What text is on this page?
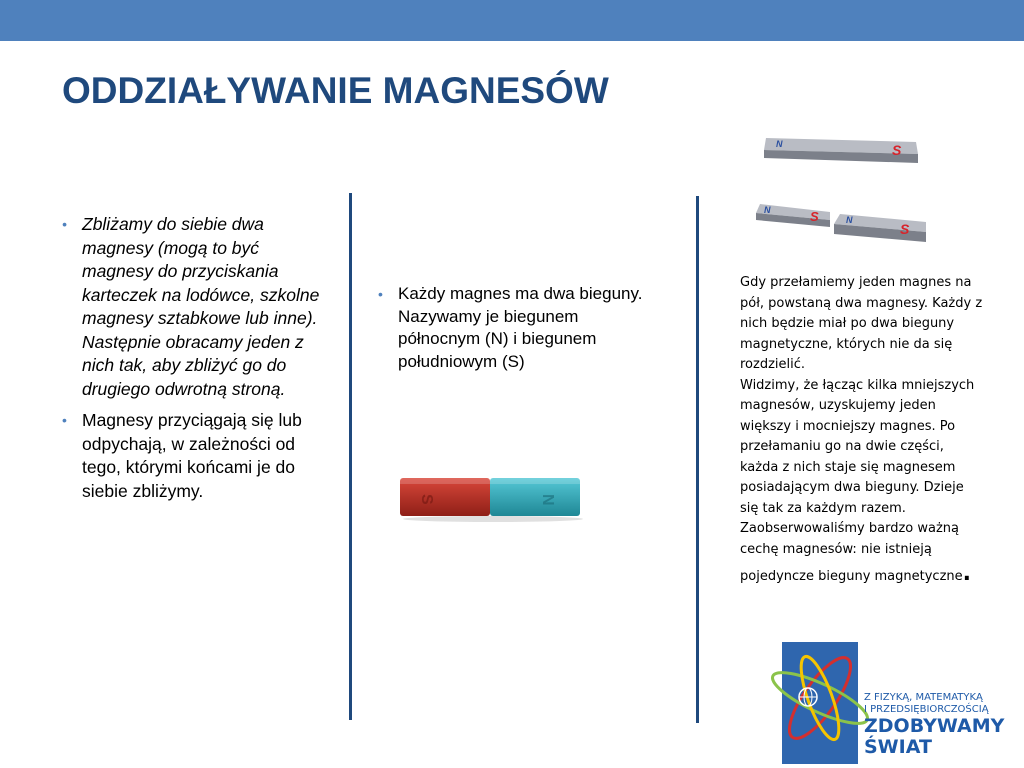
ODDZIAŁYWANIE MAGNESÓW
• Zbliżamy do siebie dwa magnesy (mogą to być magnesy do przyciskania karteczek na lodówce, szkolne magnesy sztabkowe lub inne). Następnie obracamy jeden z nich tak, aby zbliżyć go do drugiego odwrotną stroną.
• Magnesy przyciągają się lub odpychają, w zależności od tego, którymi końcami je do siebie zbliżymy.
• Każdy magnes ma dwa bieguny. Nazywamy je biegunem północnym (N) i biegunem południowym (S)
S	N
N	S
N	S	N
S

Gdy przełamiemy jeden magnes na pół, powstaną dwa magnesy. Każdy z nich będzie miał po dwa bieguny magnetyczne, których nie da się rozdzielić.

Widzimy, że łącząc kilka mniejszych magnesów, uzyskujemy jeden większy i mocniejszy magnes. Po przełamaniu go na dwie części, każda z nich staje się magnesem posiadającym dwa bieguny. Dzieje się tak za każdym razem. Zaobserwowaliśmy bardzo ważną cechę magnesów: nie istnieją

pojedyncze bieguny magnetyczne.

Z FIZYKĄ, MATEMATYKĄ
I PRZEDSIĘBIORCZOŚCIĄ
ZDOBYWAMY
ŚWIAT
